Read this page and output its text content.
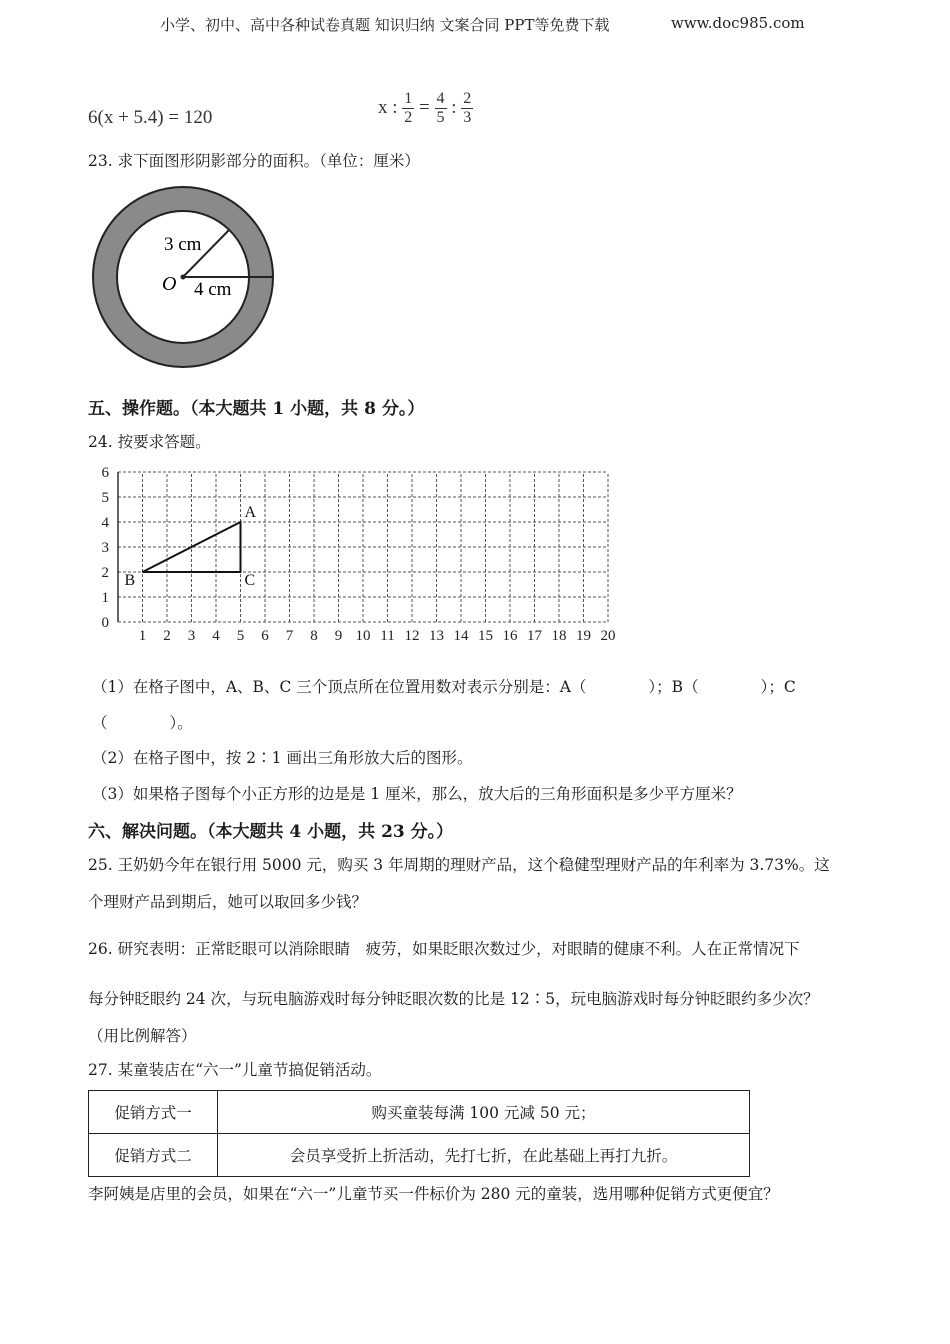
小学、初中、高中各种试卷真题 知识归纳 文案合同 PPT等免费下载	www.doc985.com
6(x + 5.4) = 120	x : $\frac{1}{2} = \frac{4}{5}$ : $\frac{2}{3}$
23. 求下面图形阴影部分的面积。（单位：厘米）
3 cm
4 cm
O
五、操作题。（本大题共 1 小题，共 8 分。）
24. 按要求答题。
1 2 3 4 5 6 7 8 9 10 11 12 13 14 15 16 17 18 19 20
0
1
2
3
4
5
6
A
B	C
（1）在格子图中，A、B、C 三个顶点所在位置用数对表示分别是：A（　　　　）；B（　　　　）；C
（　　　　）。
（2）在格子图中，按 2∶1 画出三角形放大后的图形。
（3）如果格子图每个小正方形的边是是 1 厘米，那么，放大后的三角形面积是多少平方厘米？
六、解决问题。（本大题共 4 小题，共 23 分。）
25. 王奶奶今年在银行用 5000 元，购买 3 年周期的理财产品，这个稳健型理财产品的年利率为 3.73%。这
个理财产品到期后，她可以取回多少钱？
26. 研究表明：正常眨眼可以消除眼睛　疲劳，如果眨眼次数过少，对眼睛的健康不利。人在正常情况下
每分钟眨眼约 24 次，与玩电脑游戏时每分钟眨眼次数的比是 12∶5，玩电脑游戏时每分钟眨眼约多少次？
（用比例解答）
27. 某童装店在“六一”儿童节搞促销活动。
促销方式一	购买童装每满 100 元减 50 元；
促销方式二	会员享受折上折活动，先打七折，在此基础上再打九折。
李阿姨是店里的会员，如果在“六一”儿童节买一件标价为 280 元的童装，选用哪种促销方式更便宜？
